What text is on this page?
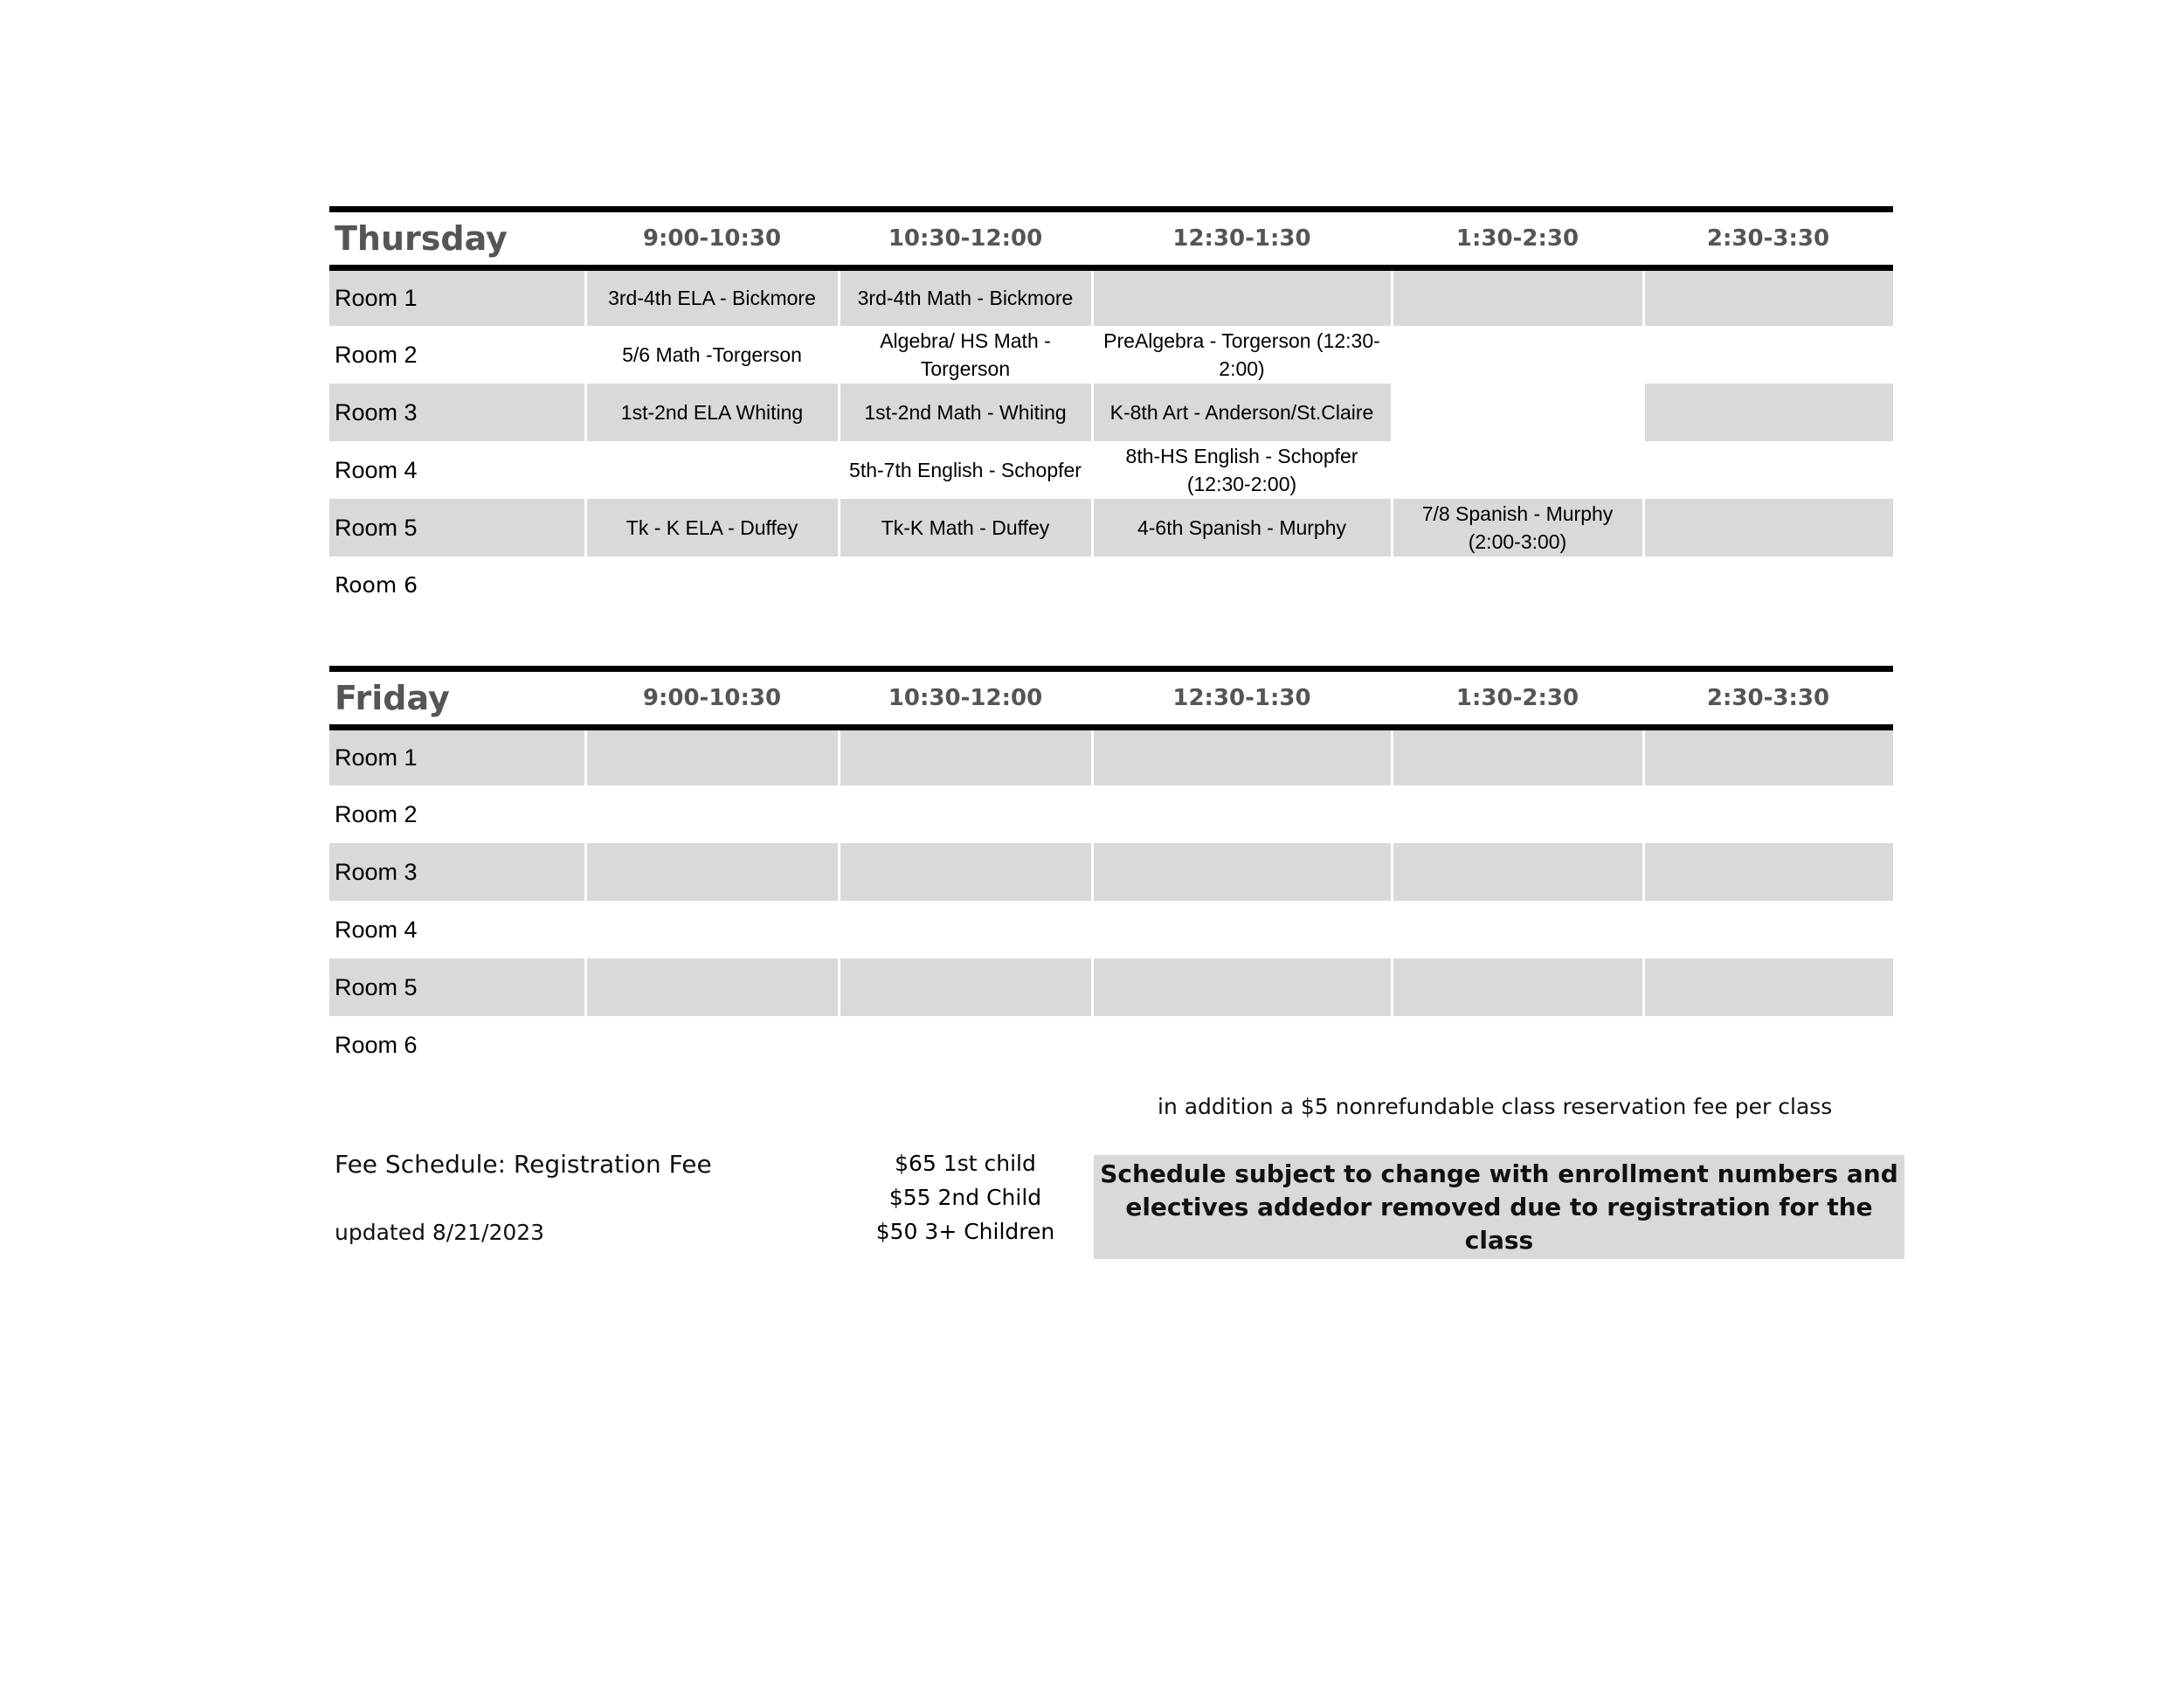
Thursday	9:00-10:30	10:30-12:00	12:30-1:30	1:30-2:30	2:30-3:30
Room 1	3rd-4th ELA - Bickmore	3rd-4th Math - Bickmore			
Room 2	5/6 Math -Torgerson	Algebra/ HS Math - Torgerson	PreAlgebra - Torgerson (12:30-2:00)		
Room 3	1st-2nd ELA Whiting	1st-2nd Math - Whiting	K-8th Art - Anderson/St.Claire		
Room 4		5th-7th English - Schopfer	8th-HS English - Schopfer (12:30-2:00)		
Room 5	Tk - K ELA - Duffey	Tk-K Math - Duffey	4-6th Spanish - Murphy	7/8 Spanish - Murphy (2:00-3:00)	
Room 6					
Friday	9:00-10:30	10:30-12:00	12:30-1:30	1:30-2:30	2:30-3:30
Room 1					
Room 2					
Room 3					
Room 4					
Room 5					
Room 6					
in addition a $5 nonrefundable class reservation fee per class
Fee Schedule: Registration Fee
updated 8/21/2023
$65 1st child
$55 2nd Child
$50 3+ Children
Schedule subject to change with enrollment numbers and electives addedor removed due to registration for the class
